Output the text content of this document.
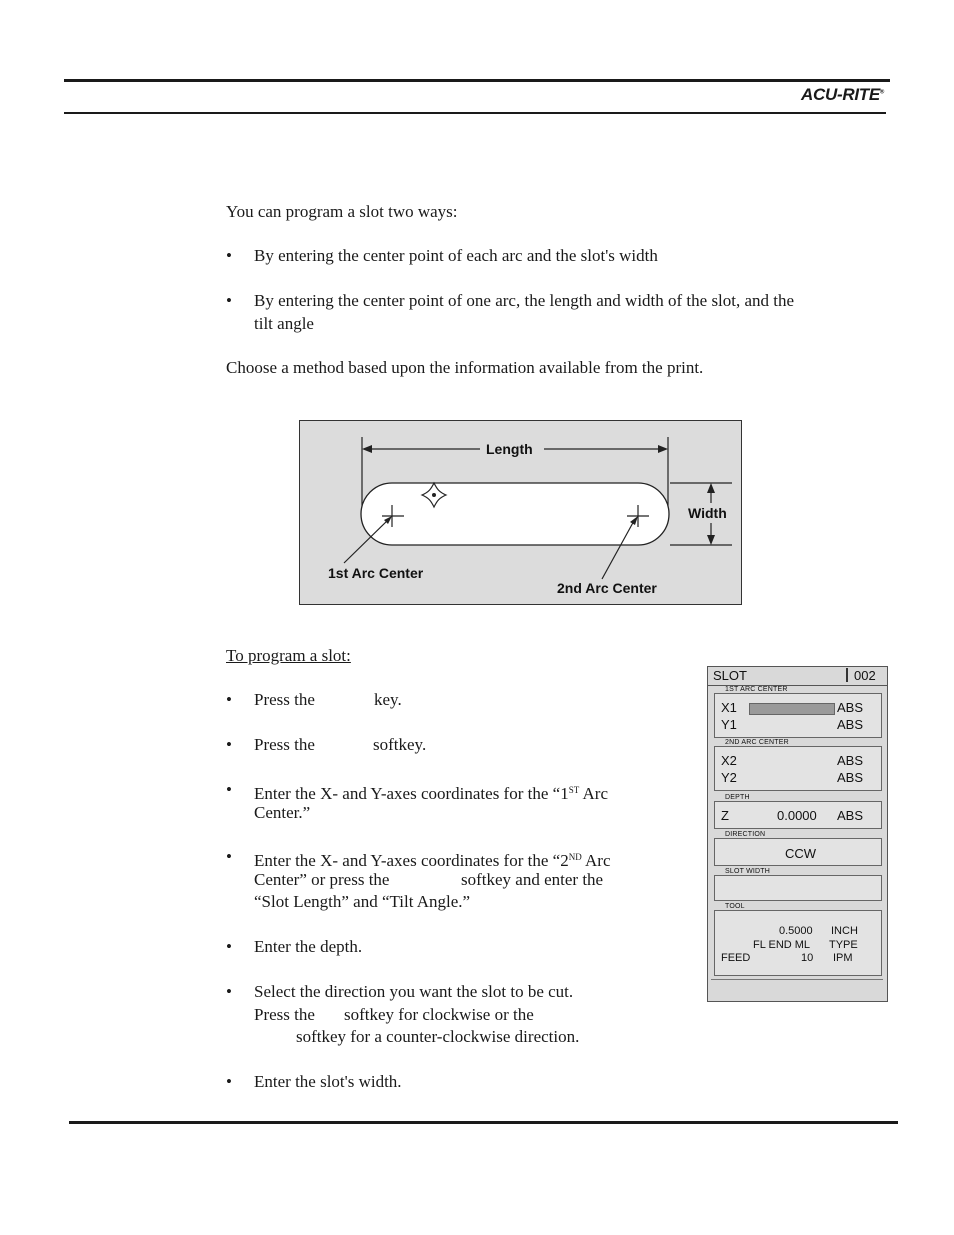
ACU-RITE®
You can program a slot two ways:
• By entering the center point of each arc and the slot's width
• By entering the center point of one arc, the length and width of the slot, and the
tilt angle
Choose a method based upon the information available from the print.
Length
Width
1st Arc Center
2nd Arc Center
To program a slot:
• Press the	key.
• Press the	softkey.
• Enter the X- and Y-axes coordinates for the “1ST Arc
Center.”
• Enter the X- and Y-axes coordinates for the “2ND Arc
Center” or press the	softkey and enter the
“Slot Length” and “Tilt Angle.”
• Enter the depth.
• Select the direction you want the slot to be cut.
Press the softkey for clockwise or the
softkey for a counter-clockwise direction.
• Enter the slot's width.
SLOT	002
1ST ARC CENTER
X1	ABS
Y1	ABS
2ND ARC CENTER
X2	ABS
Y2	ABS
DEPTH
Z	0.0000 ABS
DIRECTION
CCW
SLOT WIDTH
TOOL
0.5000 INCH
FL END ML TYPE
FEED	10 IPM
